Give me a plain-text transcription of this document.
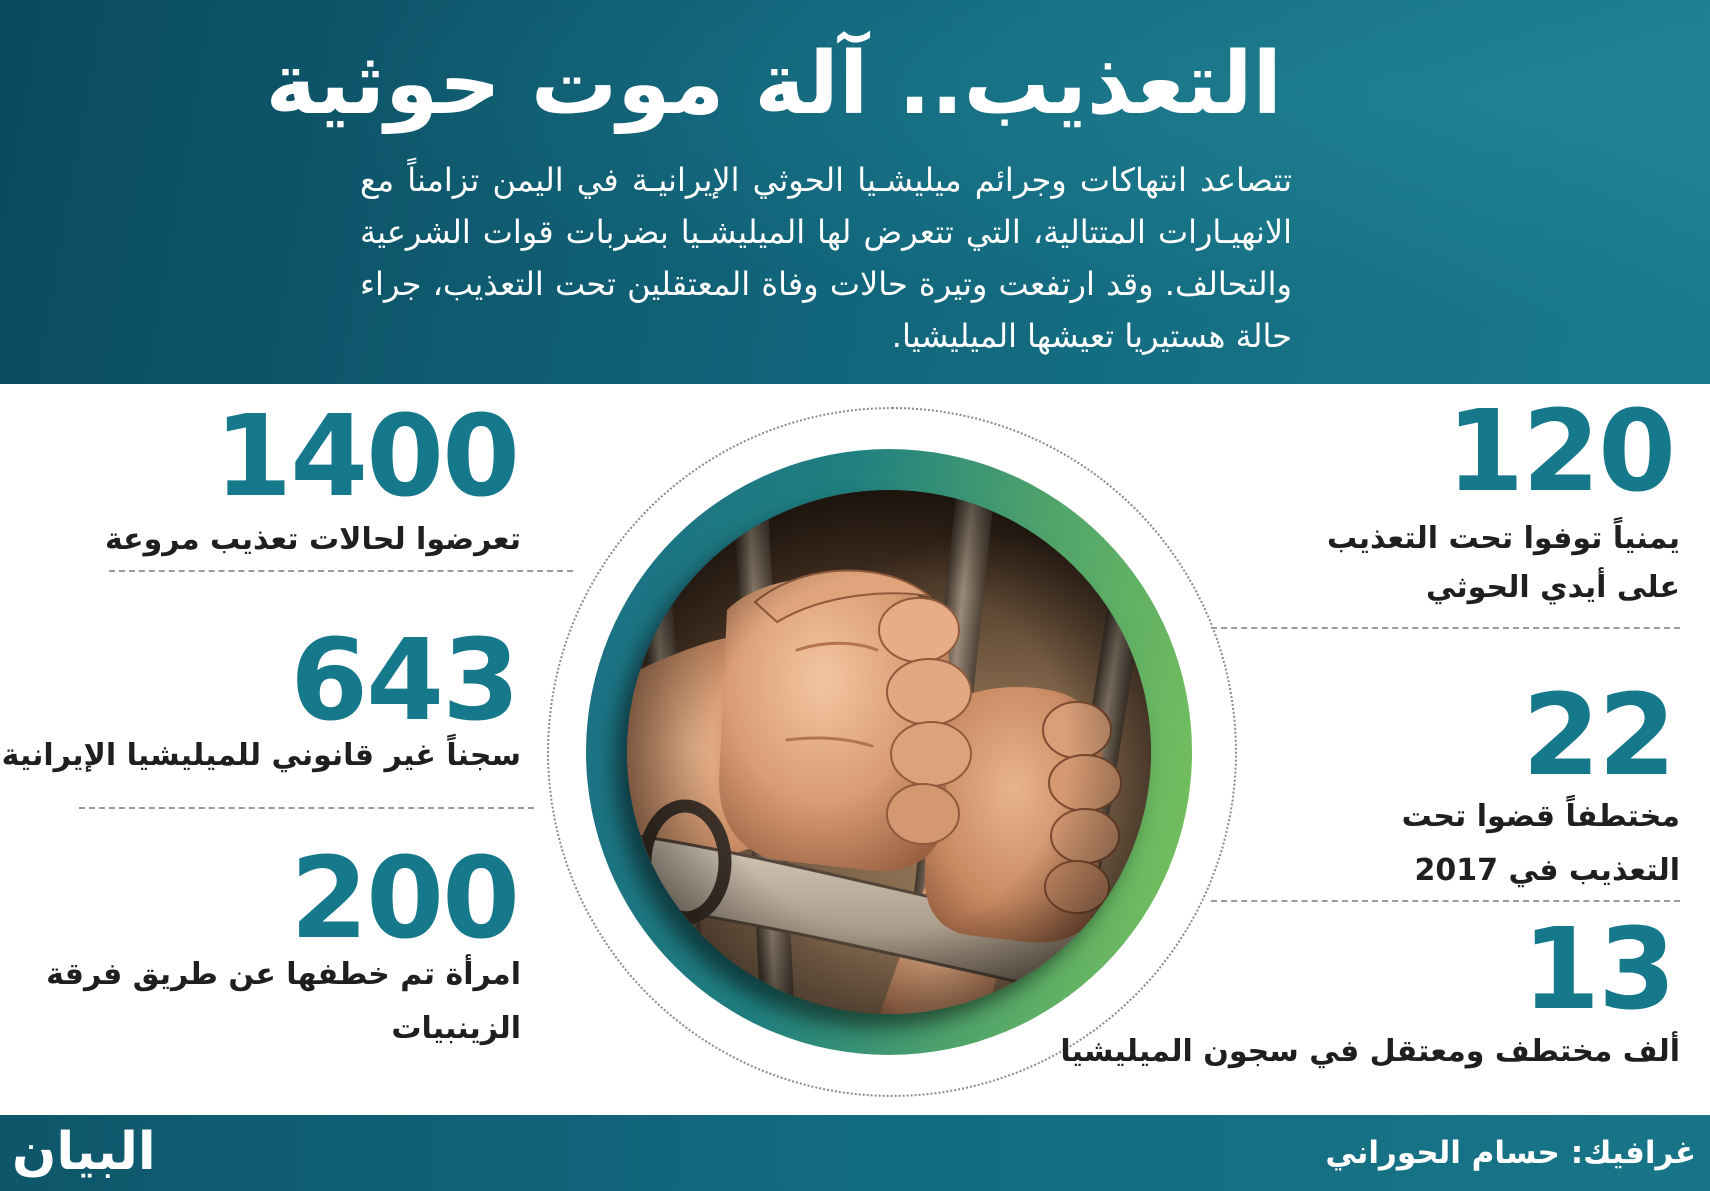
التعذيب.. آلة موت حوثية
تتصاعد انتهاكات وجرائم ميليشـيا الحوثي الإيرانيـة في اليمن تزامناً مع
الانهيـارات المتتالية، التي تتعرض لها الميليشـيا بضربات قوات الشرعية
والتحالف. وقد ارتفعت وتيرة حالات وفاة المعتقلين تحت التعذيب، جراء
حالة هستيريا تعيشها الميليشيا.
1400
تعرضوا لحالات تعذيب مروعة
643
سجناً غير قانوني للميليشيا الإيرانية
200
امرأة تم خطفها عن طريق فرقة
الزينبيات
120
يمنياً توفوا تحت التعذيب
على أيدي الحوثي
22
مختطفاً قضوا تحت
التعذيب في 2017
13
ألف مختطف ومعتقل في سجون الميليشيا
غرافيك: حسام الحوراني
البيان
